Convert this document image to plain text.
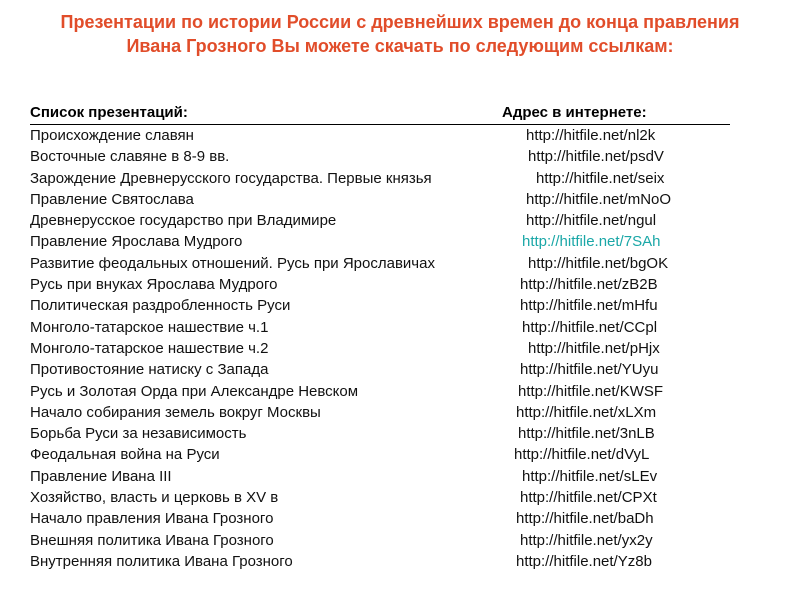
Презентации по истории России с древнейших времен до конца правления Ивана Грозного Вы можете скачать по следующим ссылкам:
Список презентаций:	Адрес в интернете:
Происхождение славян	http://hitfile.net/nl2k
Восточные славяне в 8-9 вв.	http://hitfile.net/psdV
Зарождение Древнерусского государства. Первые князья	http://hitfile.net/seix
Правление Святослава	http://hitfile.net/mNoO
Древнерусское государство при Владимире	http://hitfile.net/ngul
Правление Ярослава Мудрого	http://hitfile.net/7SAh
Развитие феодальных отношений. Русь при Ярославичах	http://hitfile.net/bgOK
Русь при внуках Ярослава Мудрого	http://hitfile.net/zB2B
Политическая раздробленность Руси	http://hitfile.net/mHfu
Монголо-татарское нашествие ч.1	http://hitfile.net/CCpl
Монголо-татарское нашествие ч.2	http://hitfile.net/pHjx
Противостояние натиску с Запада	http://hitfile.net/YUyu
Русь и Золотая Орда при Александре Невском	http://hitfile.net/KWSF
Начало собирания земель вокруг Москвы	http://hitfile.net/xLXm
Борьба Руси за независимость	http://hitfile.net/3nLB
Феодальная война на Руси	http://hitfile.net/dVyL
Правление Ивана III	http://hitfile.net/sLEv
Хозяйство, власть и церковь в XV в	http://hitfile.net/CPXt
Начало правления Ивана Грозного	http://hitfile.net/baDh
Внешняя политика Ивана Грозного	http://hitfile.net/yx2y
Внутренняя политика Ивана Грозного	http://hitfile.net/Yz8b
